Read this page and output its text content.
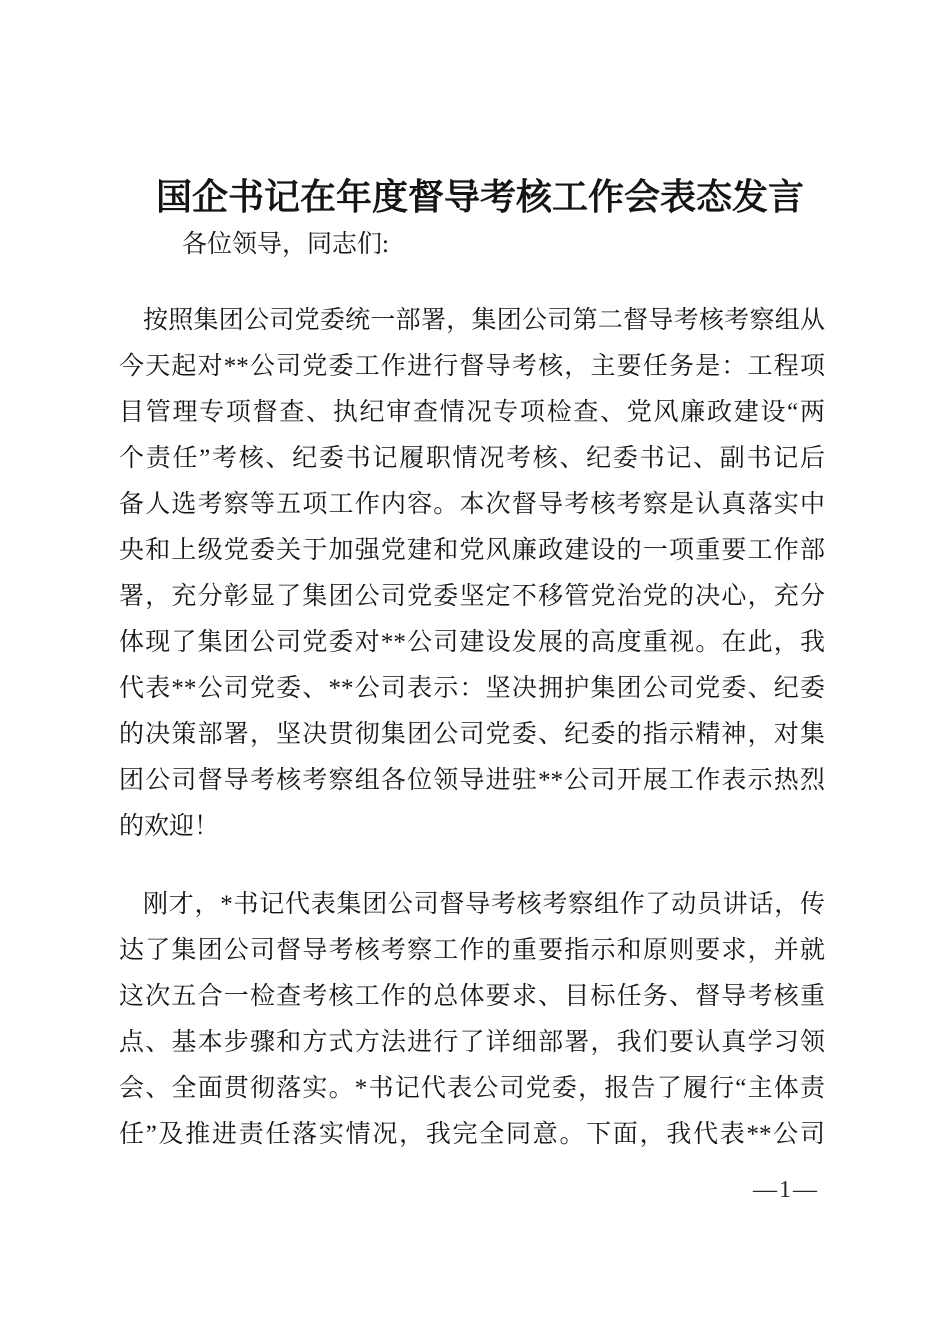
国企书记在年度督导考核工作会表态发言
各位领导，同志们:
按照集团公司党委统一部署，集团公司第二督导考核考察组从
今天起对**公司党委工作进行督导考核，主要任务是：工程项
目管理专项督查、执纪审查情况专项检查、党风廉政建设“两
个责任”考核、纪委书记履职情况考核、纪委书记、副书记后
备人选考察等五项工作内容。本次督导考核考察是认真落实中
央和上级党委关于加强党建和党风廉政建设的一项重要工作部
署，充分彰显了集团公司党委坚定不移管党治党的决心，充分
体现了集团公司党委对**公司建设发展的高度重视。在此，我
代表**公司党委、**公司表示：坚决拥护集团公司党委、纪委
的决策部署，坚决贯彻集团公司党委、纪委的指示精神，对集
团公司督导考核考察组各位领导进驻**公司开展工作表示热烈
的欢迎！
刚才，*书记代表集团公司督导考核考察组作了动员讲话，传
达了集团公司督导考核考察工作的重要指示和原则要求，并就
这次五合一检查考核工作的总体要求、目标任务、督导考核重
点、基本步骤和方式方法进行了详细部署，我们要认真学习领
会、全面贯彻落实。*书记代表公司党委，报告了履行“主体责
任”及推进责任落实情况，我完全同意。下面，我代表**公司
—1—
